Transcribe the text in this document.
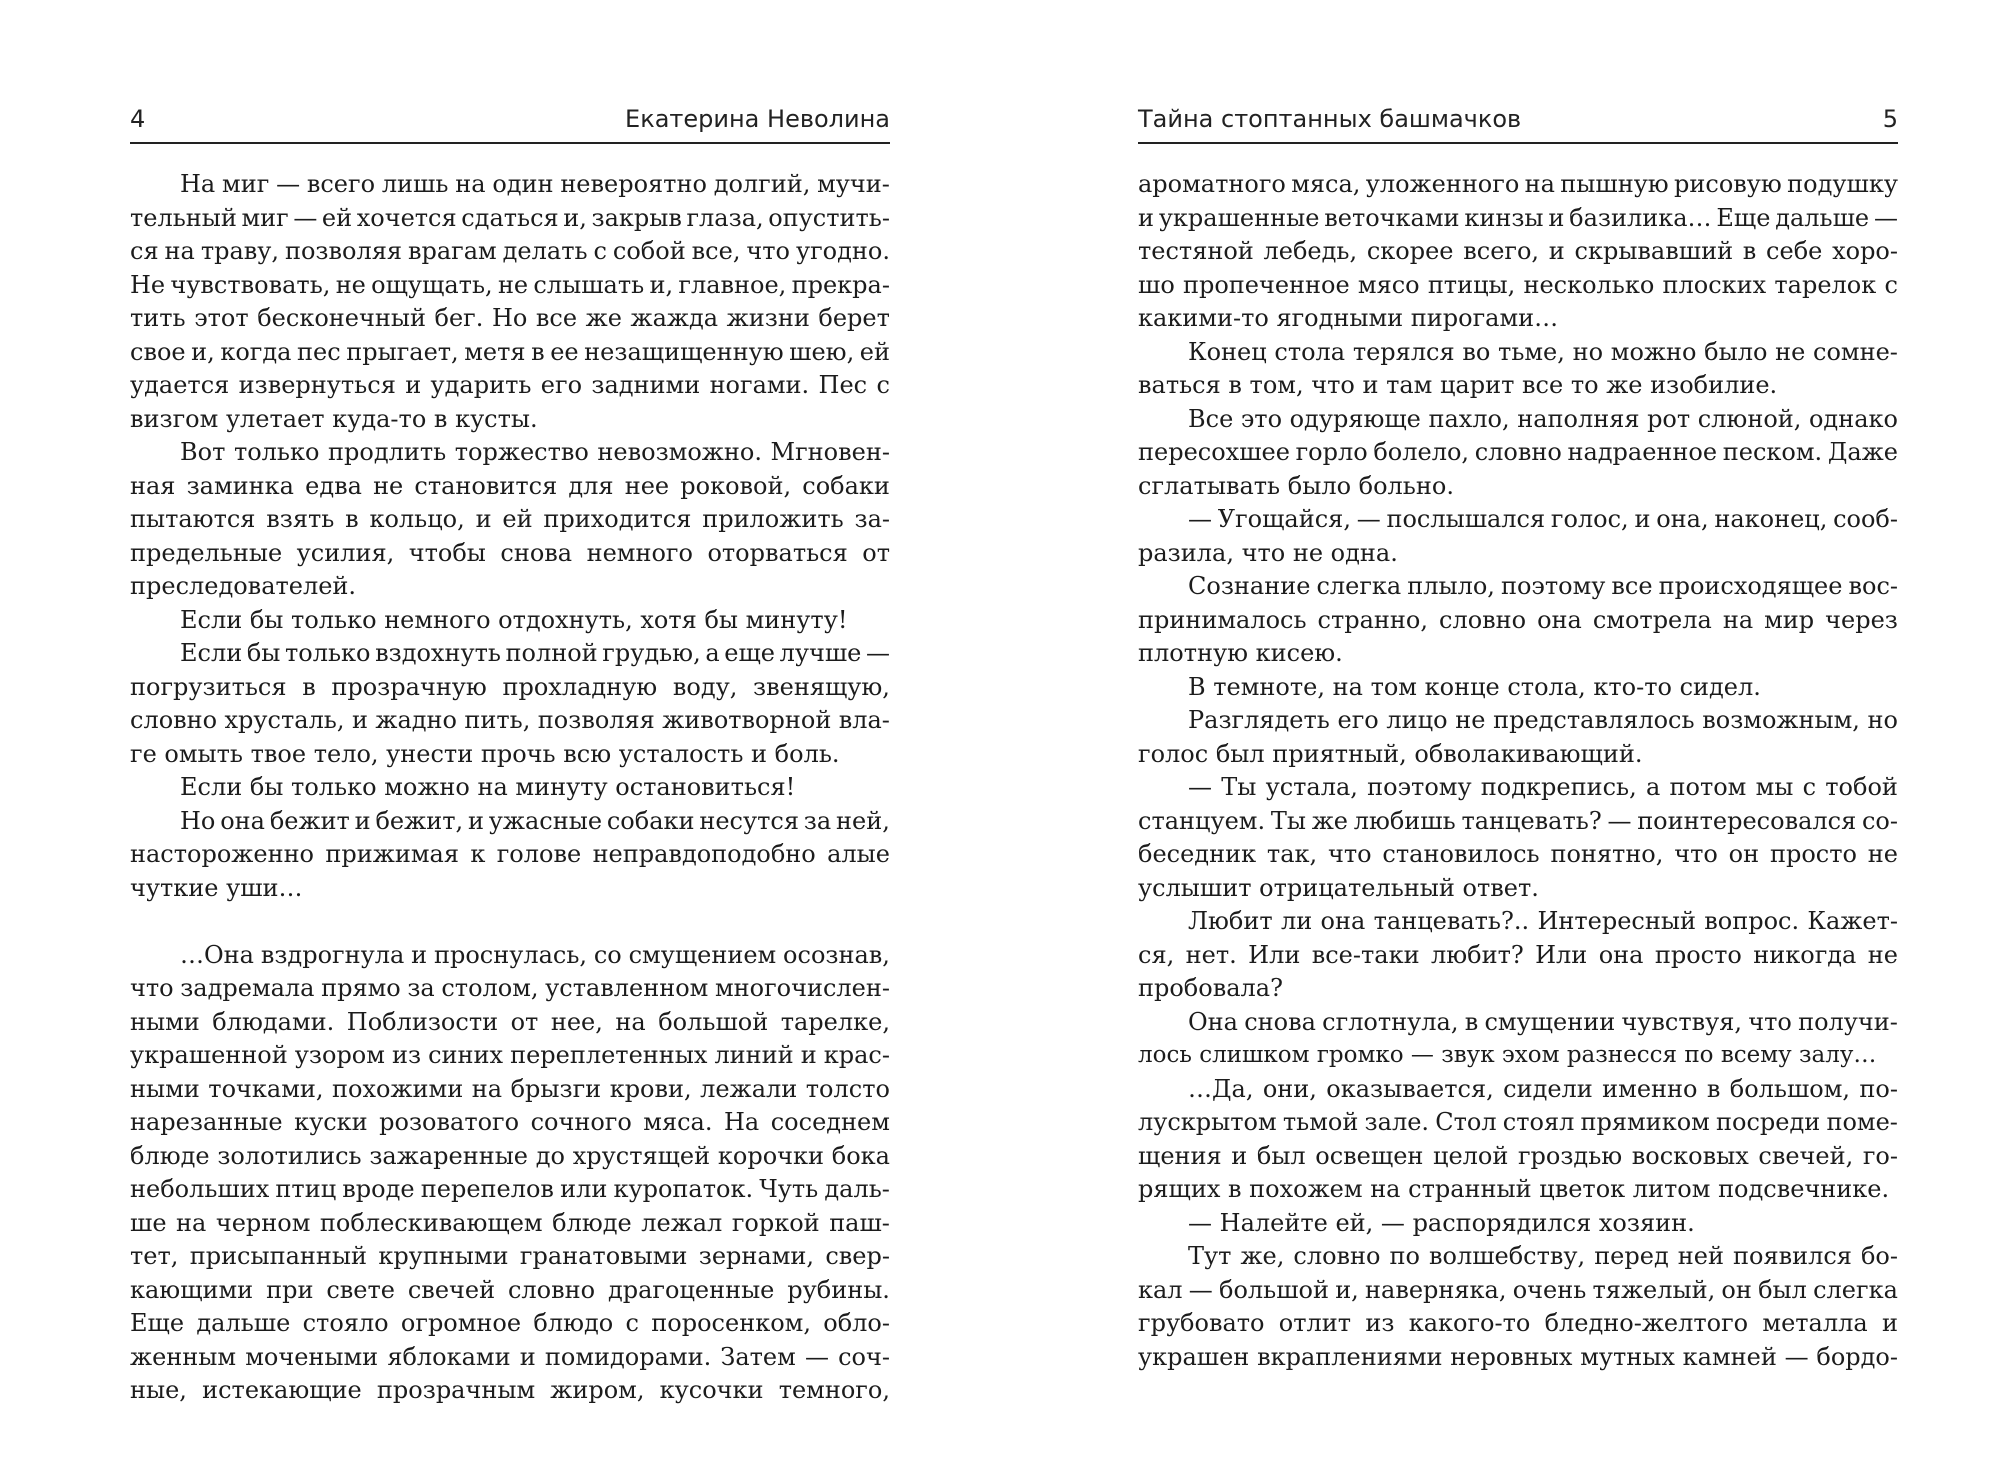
4	Екатерина Неволина
На миг — всего лишь на один невероятно долгий, мучи-
тельный миг — ей хочется сдаться и, закрыв глаза, опустить-
ся на траву, позволяя врагам делать с собой все, что угодно.
Не чувствовать, не ощущать, не слышать и, главное, прекра-
тить этот бесконечный бег. Но все же жажда жизни берет
свое и, когда пес прыгает, метя в ее незащищенную шею, ей
удается извернуться и ударить его задними ногами. Пес с
визгом
улетает
куда-то
в
кусты.

Вот только продлить торжество невозможно. Мгновен-
ная заминка едва не становится для нее роковой, собаки
пытаются взять в кольцо, и ей приходится приложить за-
предельные усилия, чтобы снова немного оторваться от
преследователей.

Если
бы
только
немного
отдохнуть,
хотя
бы
минуту!

Если бы только вздохнуть полной грудью, а еще лучше —
погрузиться в прозрачную прохладную воду, звенящую,
словно хрусталь, и жадно пить, позволяя животворной вла-
ге
омыть
твое
тело,
унести
прочь
всю
усталость
и
боль.

Если
бы
только
можно
на
минуту
остановиться!

Но она бежит и бежит, и ужасные собаки несутся за ней,
настороженно прижимая к голове неправдоподобно алые
чуткие
уши…

…Она вздрогнула и проснулась, со смущением осознав,
что задремала прямо за столом, уставленном многочислен-
ными блюдами. Поблизости от нее, на большой тарелке,
украшенной узором из синих переплетенных линий и крас-
ными точками, похожими на брызги крови, лежали толсто
нарезанные куски розоватого сочного мяса. На соседнем
блюде золотились зажаренные до хрустящей корочки бока
небольших птиц вроде перепелов или куропаток. Чуть даль-
ше на черном поблескивающем блюде лежал горкой паш-
тет, присыпанный крупными гранатовыми зернами, свер-
кающими при свете свечей словно драгоценные рубины.
Еще дальше стояло огромное блюдо с поросенком, обло-
женным мочеными яблоками и помидорами. Затем — соч-
ные, истекающие прозрачным жиром, кусочки темного,
Тайна стоптанных башмачков	5
ароматного мяса, уложенного на пышную рисовую подушку
и украшенные веточками кинзы и базилика… Еще дальше —
тестяной лебедь, скорее всего, и скрывавший в себе хоро-
шо пропеченное мясо птицы, несколько плоских тарелок с
какими-то
ягодными
пирогами…

Конец стола терялся во тьме, но можно было не сомне-
ваться
в
том,
что
и
там
царит
все
то
же
изобилие.

Все это одуряюще пахло, наполняя рот слюной, однако
пересохшее горло болело, словно надраенное песком. Даже
сглатывать
было
больно.

— Угощайся, — послышался голос, и она, наконец, сооб-
разила,
что
не
одна.

Сознание слегка плыло, поэтому все происходящее вос-
принималось странно, словно она смотрела на мир через
плотную
кисею.

В
темноте,
на
том
конце
стола,
кто-то
сидел.

Разглядеть его лицо не представлялось возможным, но
голос
был
приятный,
обволакивающий.

— Ты устала, поэтому подкрепись, а потом мы с тобой
станцуем. Ты же любишь танцевать? — поинтересовался со-
беседник так, что становилось понятно, что он просто не
услышит
отрицательный
ответ.

Любит ли она танцевать?.. Интересный вопрос. Кажет-
ся, нет. Или все-таки любит? Или она просто никогда не
пробовала?

Она снова сглотнула, в смущении чувствуя, что получи-
лось
слишком
громко
—
звук
эхом
разнесся
по
всему
залу…

…Да, они, оказывается, сидели именно в большом, по-
лускрытом тьмой зале. Стол стоял прямиком посреди поме-
щения и был освещен целой гроздью восковых свечей, го-
рящих
в
похожем
на
странный
цветок
литом
подсвечнике.

—
Налейте
ей,
—
распорядился
хозяин.

Тут же, словно по волшебству, перед ней появился бо-
кал — большой и, наверняка, очень тяжелый, он был слегка
грубовато отлит из какого-то бледно-желтого металла и
украшен вкраплениями неровных мутных камней — бордо-
